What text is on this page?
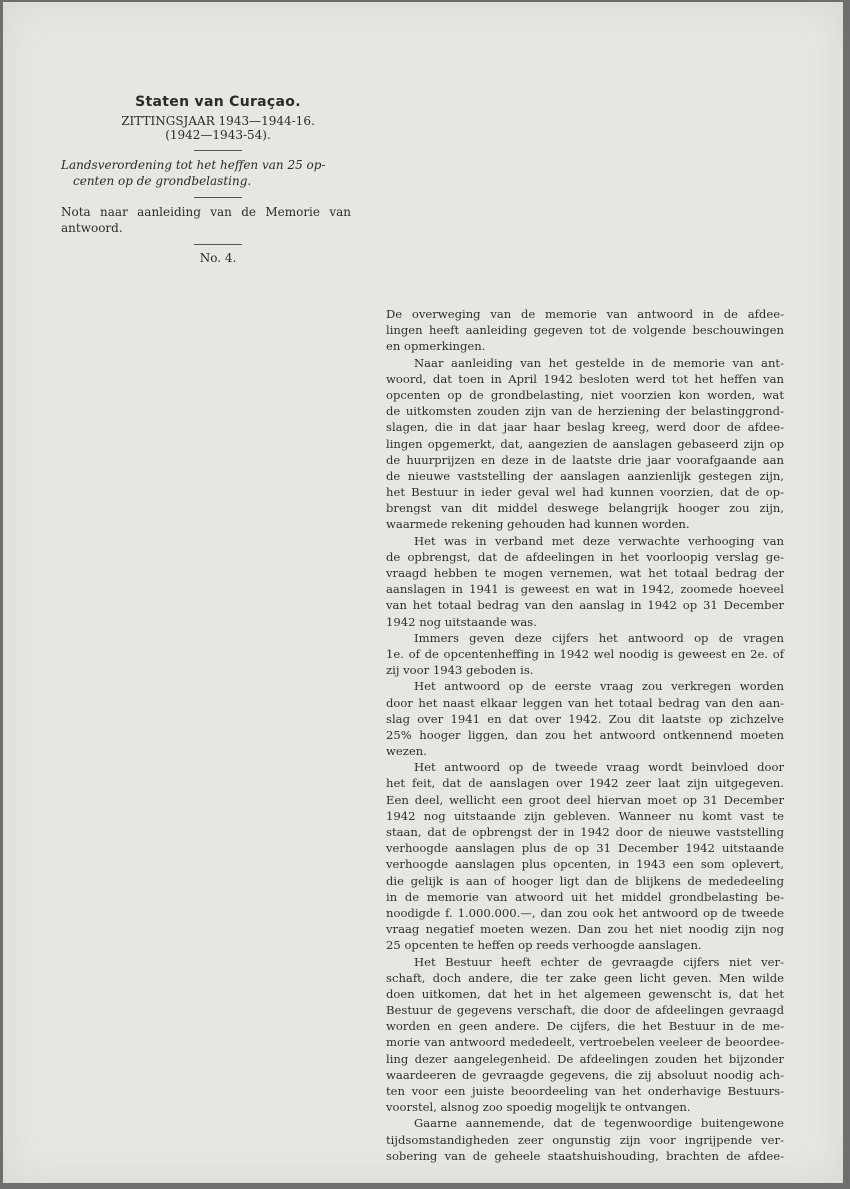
Staten van Curaçao.
ZITTINGSJAAR 1943—1944-16.
(1942—1943-54).
Landsverordening tot het heffen van 25 op-
centen op de grondbelasting.
Nota naar aanleiding van de Memorie van antwoord.
No. 4.
De overweging van de memorie van antwoord in de afdee-
lingen heeft aanleiding gegeven tot de volgende beschouwingen
en opmerkingen.
Naar aanleiding van het gestelde in de memorie van ant-
woord, dat toen in April 1942 besloten werd tot het heffen van
opcenten op de grondbelasting, niet voorzien kon worden, wat
de uitkomsten zouden zijn van de herziening der belastinggrond-
slagen, die in dat jaar haar beslag kreeg, werd door de afdee-
lingen opgemerkt, dat, aangezien de aanslagen gebaseerd zijn op
de huurprijzen en deze in de laatste drie jaar voorafgaande aan
de nieuwe vaststelling der aanslagen aanzienlijk gestegen zijn,
het Bestuur in ieder geval wel had kunnen voorzien, dat de op-
brengst van dit middel deswege belangrijk hooger zou zijn,
waarmede rekening gehouden had kunnen worden.
Het was in verband met deze verwachte verhooging van
de opbrengst, dat de afdeelingen in het voorloopig verslag ge-
vraagd hebben te mogen vernemen, wat het totaal bedrag der
aanslagen in 1941 is geweest en wat in 1942, zoomede hoeveel
van het totaal bedrag van den aanslag in 1942 op 31 December
1942 nog uitstaande was.
Immers geven deze cijfers het antwoord op de vragen
1e. of de opcentenheffing in 1942 wel noodig is geweest en 2e. of
zij voor 1943 geboden is.
Het antwoord op de eerste vraag zou verkregen worden
door het naast elkaar leggen van het totaal bedrag van den aan-
slag over 1941 en dat over 1942. Zou dit laatste op zichzelve
25% hooger liggen, dan zou het antwoord ontkennend moeten
wezen.
Het antwoord op de tweede vraag wordt beinvloed door
het feit, dat de aanslagen over 1942 zeer laat zijn uitgegeven.
Een deel, wellicht een groot deel hiervan moet op 31 December
1942 nog uitstaande zijn gebleven. Wanneer nu komt vast te
staan, dat de opbrengst der in 1942 door de nieuwe vaststelling
verhoogde aanslagen plus de op 31 December 1942 uitstaande
verhoogde aanslagen plus opcenten, in 1943 een som oplevert,
die gelijk is aan of hooger ligt dan de blijkens de mededeeling
in de memorie van atwoord uit het middel grondbelasting be-
noodigde f. 1.000.000.—, dan zou ook het antwoord op de tweede
vraag negatief moeten wezen. Dan zou het niet noodig zijn nog
25 opcenten te heffen op reeds verhoogde aanslagen.
Het Bestuur heeft echter de gevraagde cijfers niet ver-
schaft, doch andere, die ter zake geen licht geven. Men wilde
doen uitkomen, dat het in het algemeen gewenscht is, dat het
Bestuur de gegevens verschaft, die door de afdeelingen gevraagd
worden en geen andere. De cijfers, die het Bestuur in de me-
morie van antwoord mededeelt, vertroebelen veeleer de beoordee-
ling dezer aangelegenheid. De afdeelingen zouden het bijzonder
waardeeren de gevraagde gegevens, die zij absoluut noodig ach-
ten voor een juiste beoordeeling van het onderhavige Bestuurs-
voorstel, alsnog zoo spoedig mogelijk te ontvangen.
Gaarne aannemende, dat de tegenwoordige buitengewone
tijdsomstandigheden zeer ongunstig zijn voor ingrijpende ver-
sobering van de geheele staatshuishouding, brachten de afdee-
